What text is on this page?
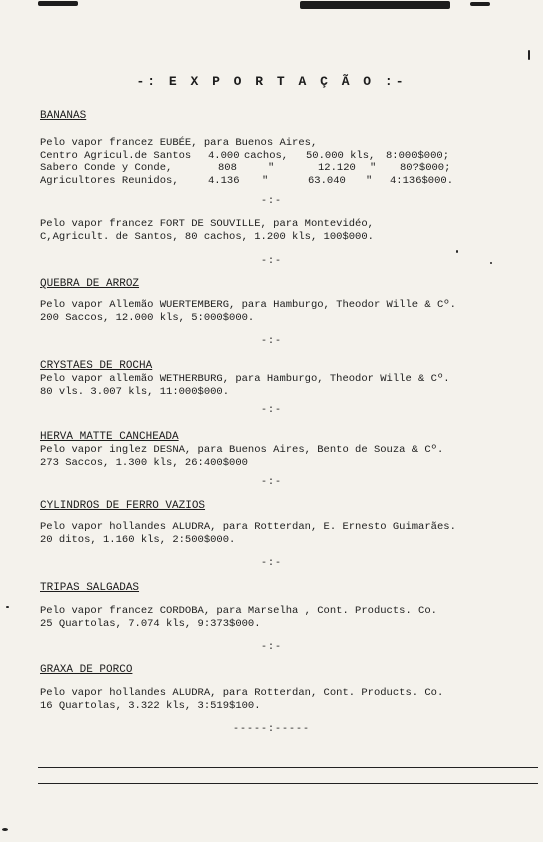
-: E X P O R T A Ç Ã O :-
BANANAS
Pelo vapor francez EUBÉE, para Buenos Aires,
Centro Agricul.de Santos 4.000 cachos, 50.000 kls, 8:000$000;
Sabero Conde y Conde,	808	"	12.120 " 80?$000;
Agricultores Reunidos,	4.136 "	63.040 " 4:136$000.
-:-
Pelo vapor francez FORT DE SOUVILLE, para Montevidéo,
C,Agricult. de Santos, 80 cachos, 1.200 kls, 100$000.
-:-
QUEBRA DE ARROZ
Pelo vapor Allemão WUERTEMBERG, para Hamburgo, Theodor Wille & Cº.
200 Saccos, 12.000 kls, 5:000$000.
-:-
CRYSTAES DE ROCHA
Pelo vapor allemão WETHERBURG, para Hamburgo, Theodor Wille & Cº.
80 vls. 3.007 kls, 11:000$000.
-:-
HERVA MATTE CANCHEADA
Pelo vapor inglez DESNA, para Buenos Aires, Bento de Souza & Cº.
273 Saccos, 1.300 kls, 26:400$000
-:-
CYLINDROS DE FERRO VAZIOS
Pelo vapor hollandes ALUDRA, para Rotterdan, E. Ernesto Guimarães.
20 ditos, 1.160 kls, 2:500$000.
-:-
TRIPAS SALGADAS
Pelo vapor francez CORDOBA, para Marselha , Cont. Products. Co.
25 Quartolas, 7.074 kls, 9:373$000.
-:-
GRAXA DE PORCO
Pelo vapor hollandes ALUDRA, para Rotterdan, Cont. Products. Co.
16 Quartolas, 3.322 kls, 3:519$100.
-----:-----
